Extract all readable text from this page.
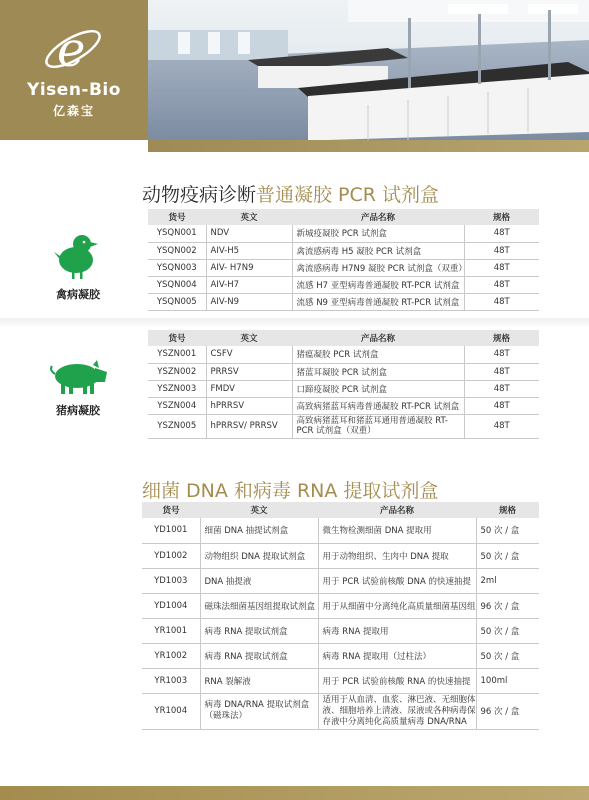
e
Yisen-Bio
亿森宝
动物疫病诊断普通凝胶 PCR 试剂盒
禽病凝胶
货号	英文	产品名称	规格
YSQN001	NDV	新城疫凝胶 PCR 试剂盒	48T
YSQN002	AIV-H5	禽流感病毒 H5 凝胶 PCR 试剂盒	48T
YSQN003	AIV- H7N9	禽流感病毒 H7N9 凝胶 PCR 试剂盒（双重）	48T
YSQN004	AIV-H7	流感 H7 亚型病毒普通凝胶 RT-PCR 试剂盒	48T
YSQN005	AIV-N9	流感 N9 亚型病毒普通凝胶 RT-PCR 试剂盒	48T
猪病凝胶
货号	英文	产品名称	规格
YSZN001	CSFV	猪瘟凝胶 PCR 试剂盒	48T
YSZN002	PRRSV	猪蓝耳凝胶 PCR 试剂盒	48T
YSZN003	FMDV	口蹄疫凝胶 PCR 试剂盒	48T
YSZN004	hPRRSV	高致病猪蓝耳病毒普通凝胶 RT-PCR 试剂盒	48T
YSZN005	hPRRSV/ PRRSV	高致病猪蓝耳和猪蓝耳通用普通凝胶 RT-PCR 试剂盒（双重）	48T
细菌 DNA 和病毒 RNA 提取试剂盒
货号	英文	产品名称	规格
YD1001	细菌 DNA 抽提试剂盒	微生物检测细菌 DNA 提取用	50 次 / 盒
YD1002	动物组织 DNA 提取试剂盒	用于动物组织、生肉中 DNA 提取	50 次 / 盒
YD1003	DNA 抽提液	用于 PCR 试验前核酸 DNA 的快速抽提	2ml
YD1004	磁珠法细菌基因组提取试剂盒	用于从细菌中分离纯化高质量细菌基因组	96 次 / 盒
YR1001	病毒 RNA 提取试剂盒	病毒 RNA 提取用	50 次 / 盒
YR1002	病毒 RNA 提取试剂盒	病毒 RNA 提取用（过柱法）	50 次 / 盒
YR1003	RNA 裂解液	用于 PCR 试验前核酸 RNA 的快速抽提	100ml
YR1004	病毒 DNA/RNA 提取试剂盒（磁珠法）	适用于从血清、血浆、淋巴液、无细胞体液、细胞培养上清液、尿液或各种病毒保存液中分离纯化高质量病毒 DNA/RNA	96 次 / 盒
